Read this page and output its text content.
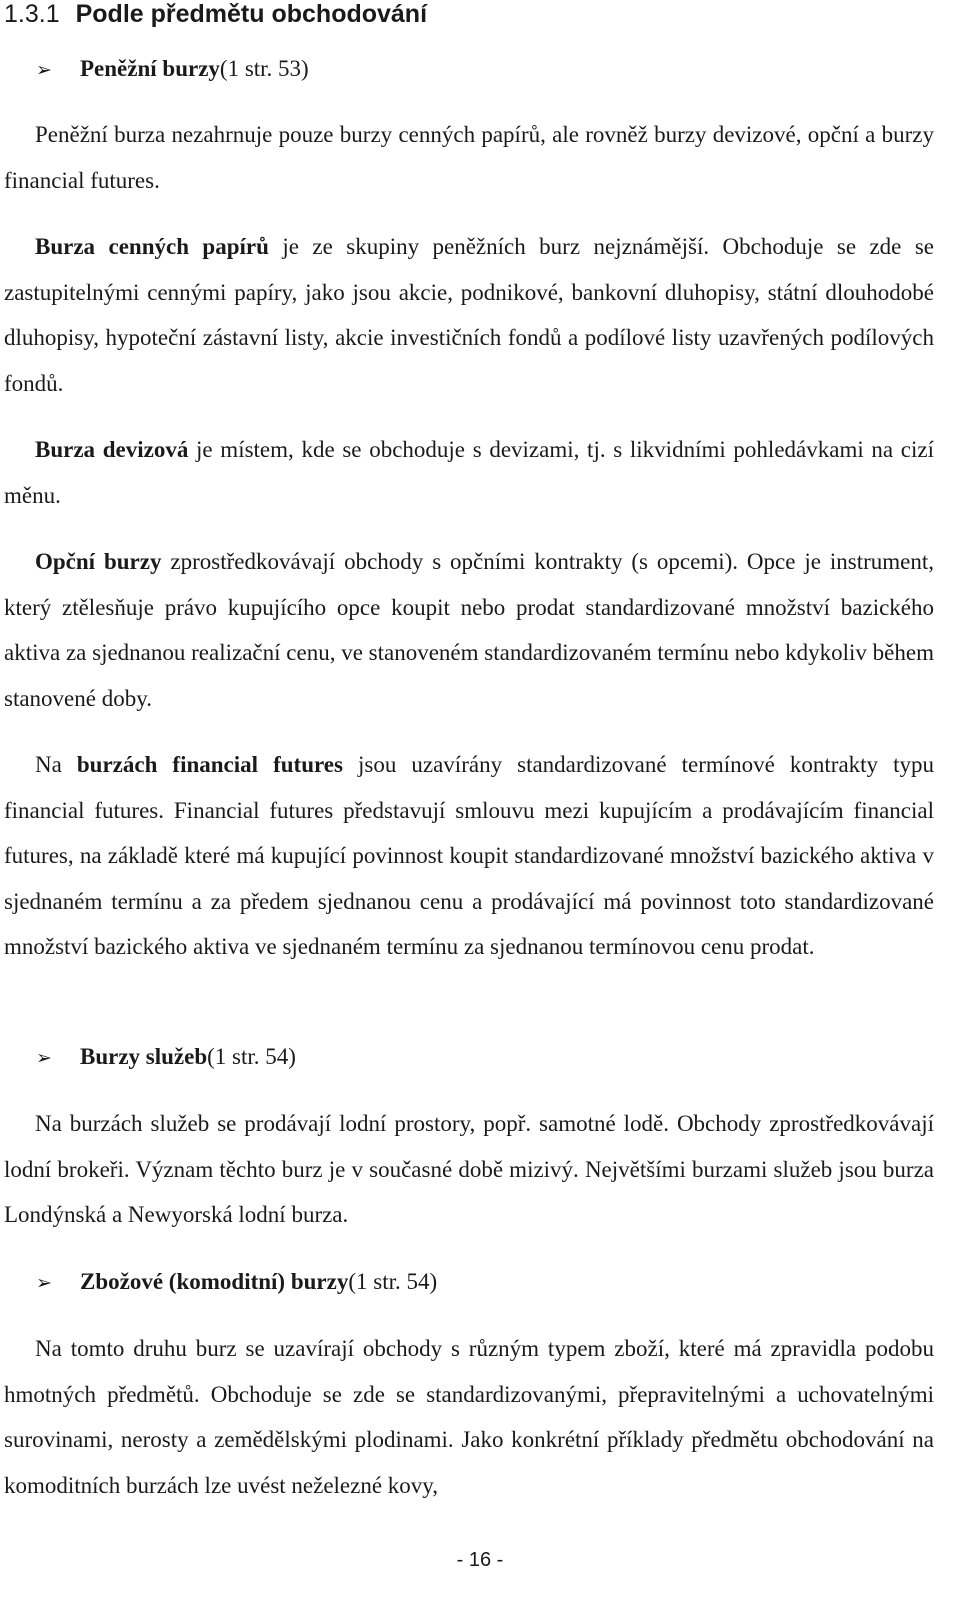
1.3.1 Podle předmětu obchodování
➢ Peněžní burzy(1 str. 53)

Peněžní burza nezahrnuje pouze burzy cenných papírů, ale rovněž burzy devizové, opční a burzy financial futures.

Burza cenných papírů je ze skupiny peněžních burz nejznámější. Obchoduje se zde se zastupitelnými cennými papíry, jako jsou akcie, podnikové, bankovní dluhopisy, státní dlouhodobé dluhopisy, hypoteční zástavní listy, akcie investičních fondů a podílové listy uzavřených podílových fondů.

Burza devizová je místem, kde se obchoduje s devizami, tj. s likvidními pohledávkami na cizí měnu.

Opční burzy zprostředkovávají obchody s opčními kontrakty (s opcemi). Opce je instrument, který ztělesňuje právo kupujícího opce koupit nebo prodat standardizované množství bazického aktiva za sjednanou realizační cenu, ve stanoveném standardizovaném termínu nebo kdykoliv během stanovené doby.

Na burzách financial futures jsou uzavírány standardizované termínové kontrakty typu financial futures. Financial futures představují smlouvu mezi kupujícím a prodávajícím financial futures, na základě které má kupující povinnost koupit standardizované množství bazického aktiva v sjednaném termínu a za předem sjednanou cenu a prodávající má povinnost toto standardizované množství bazického aktiva ve sjednaném termínu za sjednanou termínovou cenu prodat.

➢ Burzy služeb(1 str. 54)

Na burzách služeb se prodávají lodní prostory, popř. samotné lodě. Obchody zprostředkovávají lodní brokeři. Význam těchto burz je v současné době mizivý. Největšími burzami služeb jsou burza Londýnská a Newyorská lodní burza.

➢ Zbožové (komoditní) burzy(1 str. 54)

Na tomto druhu burz se uzavírají obchody s různým typem zboží, které má zpravidla podobu hmotných předmětů. Obchoduje se zde se standardizovanými, přepravitelnými a uchovatelnými surovinami, nerosty a zemědělskými plodinami. Jako konkrétní příklady předmětu obchodování na komoditních burzách lze uvést neželezné kovy,

- 16 -
